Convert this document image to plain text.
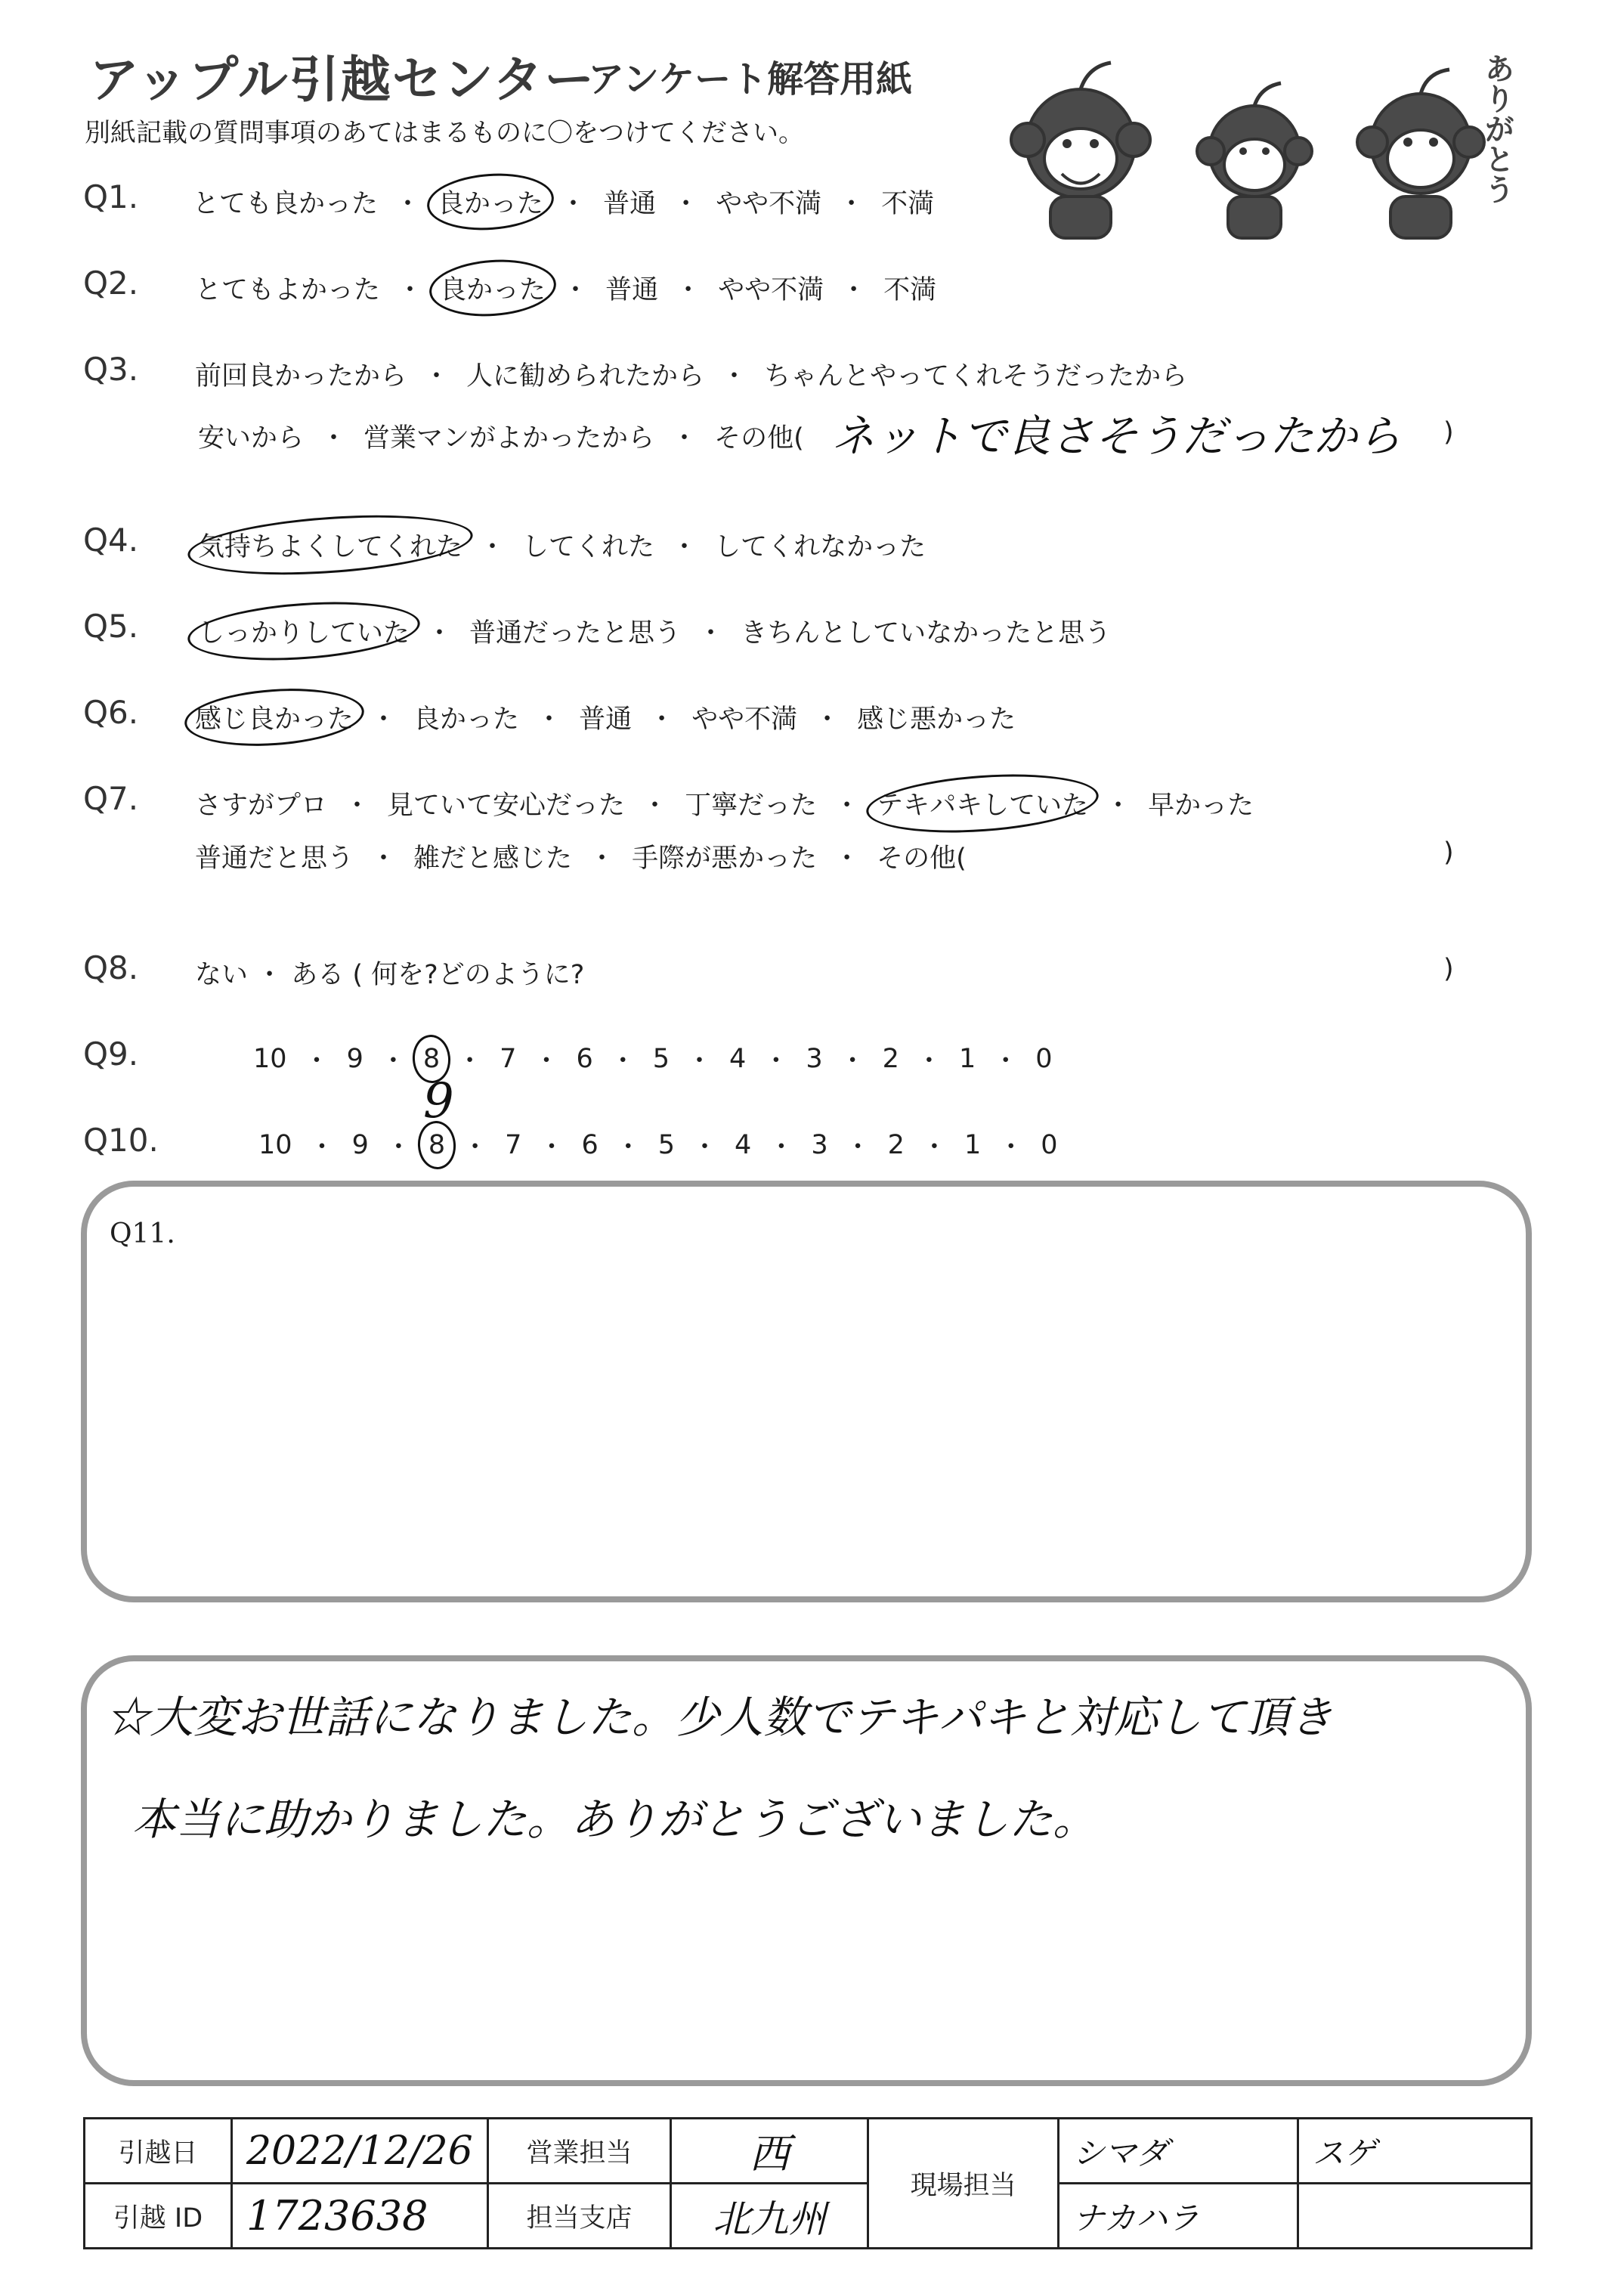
アップル引越センター
アンケート解答用紙
別紙記載の質問事項のあてはまるものに〇をつけてください。	ありがとう
Q1. とても良かった ・ 良かった ・ 普通 ・ やや不満 ・ 不満
Q2. とてもよかった ・ 良かった ・ 普通 ・ やや不満 ・ 不満
Q3. 前回良かったから ・ 人に勧められたから ・ ちゃんとやってくれそうだったから
安いから ・ 営業マンがよかったから ・ その他( ネットで良さそうだったから )
Q4. 気持ちよくしてくれた ・ してくれた ・ してくれなかった
Q5. しっかりしていた ・ 普通だったと思う ・ きちんとしていなかったと思う
Q6. 感じ良かった ・ 良かった ・ 普通 ・ やや不満 ・ 感じ悪かった
Q7. さすがプロ ・ 見ていて安心だった ・ 丁寧だった ・ テキパキしていた ・ 早かった
普通だと思う ・ 雑だと感じた ・ 手際が悪かった ・ その他(	)
Q8. ない ・ ある ( 何を?どのように?	)
Q9.	10 ・ 9 ・ 8 ・ 7 ・ 6 ・ 5 ・ 4 ・ 3 ・ 2 ・ 1 ・ 0
Q10.	10 ・ 9 ・ 8 ・ 7 ・ 6 ・ 5 ・ 4 ・ 3 ・ 2 ・ 1 ・ 0
9
Q11.
☆大変お世話になりました。少人数でテキパキと対応して頂き
本当に助かりました。ありがとうございました。
引越日	2022/12/26	営業担当	西	現場担当	シマダ	スゲ
引越 ID	1723638	担当支店	北九州		ナカハラ	
